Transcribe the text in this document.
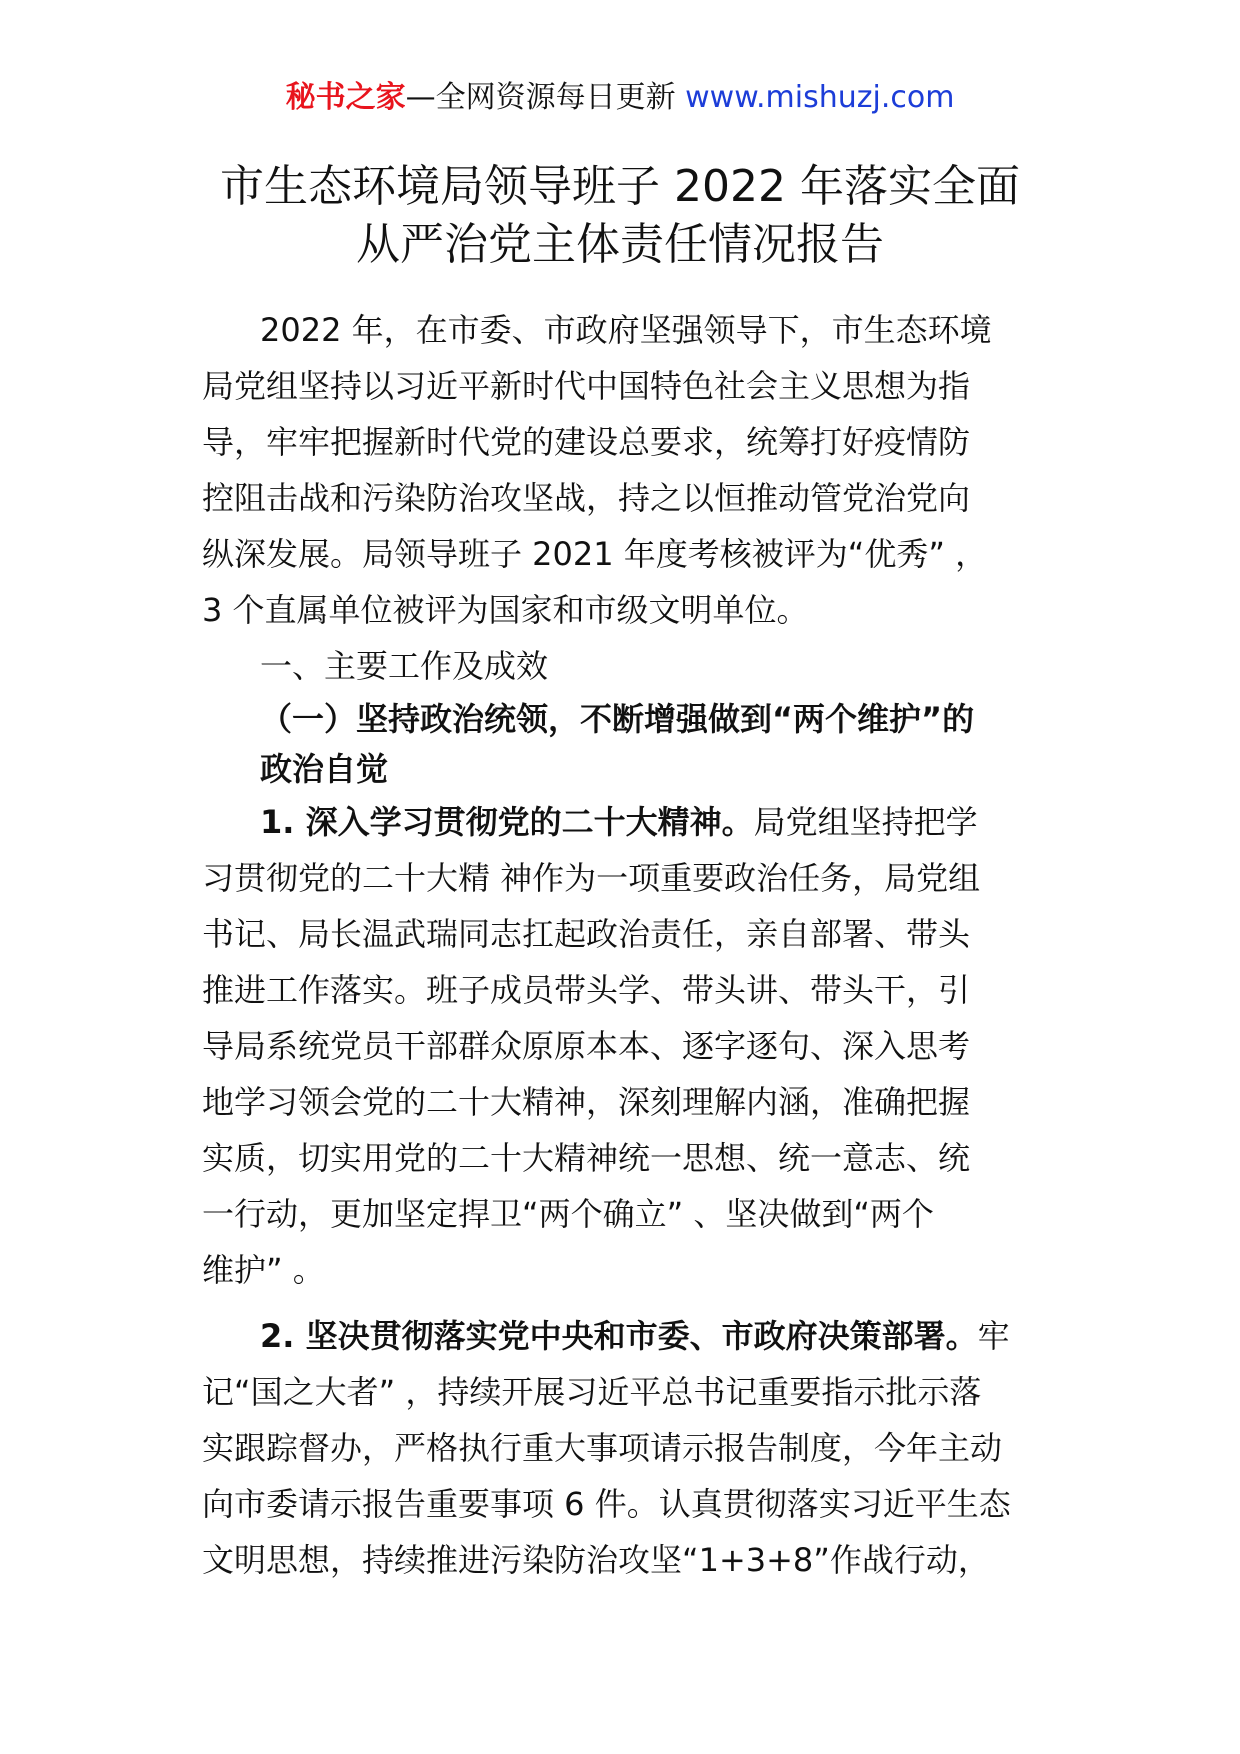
秘书之家—全网资源每日更新 www.mishuzj.com
市生态环境局领导班子 2022 年落实全面
从严治党主体责任情况报告
2022 年，在市委、市政府坚强领导下，市生态环境
局党组坚持以习近平新时代中国特色社会主义思想为指
导，牢牢把握新时代党的建设总要求，统筹打好疫情防
控阻击战和污染防治攻坚战，持之以恒推动管党治党向
纵深发展。局领导班子 2021 年度考核被评为“优秀” ，
3 个直属单位被评为国家和市级文明单位。
一、主要工作及成效
（一）坚持政治统领，不断增强做到“两个维护”的
政治自觉
1. 深入学习贯彻党的二十大精神。局党组坚持把学
习贯彻党的二十大精 神作为一项重要政治任务，局党组
书记、局长温武瑞同志扛起政治责任，亲自部署、带头
推进工作落实。班子成员带头学、带头讲、带头干，引
导局系统党员干部群众原原本本、逐字逐句、深入思考
地学习领会党的二十大精神，深刻理解内涵，准确把握
实质，切实用党的二十大精神统一思想、统一意志、统
一行动，更加坚定捍卫“两个确立” 、坚决做到“两个
维护” 。
2. 坚决贯彻落实党中央和市委、市政府决策部署。牢
记“国之大者” ，持续开展习近平总书记重要指示批示落
实跟踪督办，严格执行重大事项请示报告制度，今年主动
向市委请示报告重要事项 6 件。认真贯彻落实习近平生态
文明思想，持续推进污染防治攻坚“1+3+8”作战行动，
